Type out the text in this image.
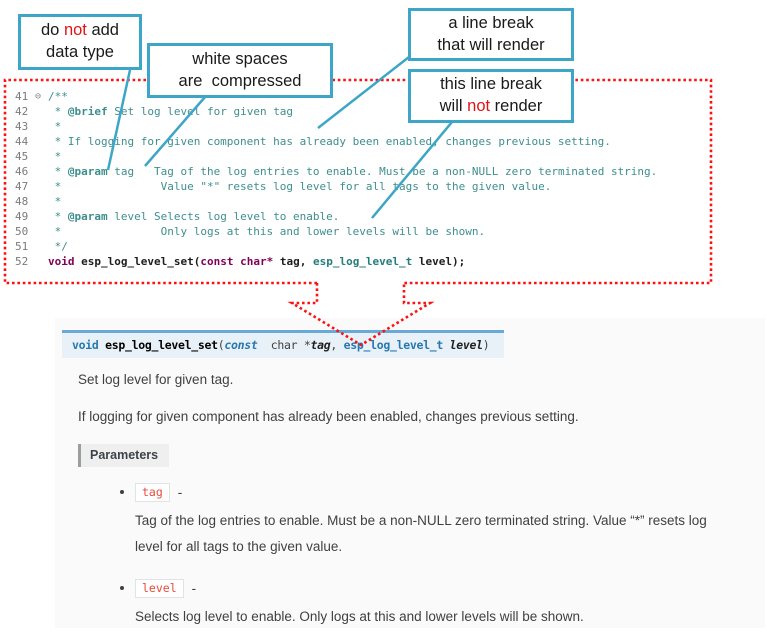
41 ⊖ /**
42	* @brief Set log level for given tag
43	*
44	* If logging for given component has already been enabled, changes previous setting.
45	*
46	* @param tag   Tag of the log entries to enable. Must be a non-NULL zero terminated string.
47	*               Value "*" resets log level for all tags to the given value.
48	*
49	* @param level Selects log level to enable.
50	*               Only logs at this and lower levels will be shown.
51	*/
52	void esp_log_level_set(const char* tag, esp_log_level_t level);
do not add
data type	white spaces
are  compressed
a line break
that will render
this line break
will not render
void esp_log_level_set(const char *tag, esp_log_level_t level)
Set log level for given tag.
If logging for given component has already been enabled, changes previous setting.
Parameters
• tag	-
Tag of the log entries to enable. Must be a non-NULL zero terminated string. Value “*” resets log level for all tags to the given value.
• level	-
Selects log level to enable. Only logs at this and lower levels will be shown.
